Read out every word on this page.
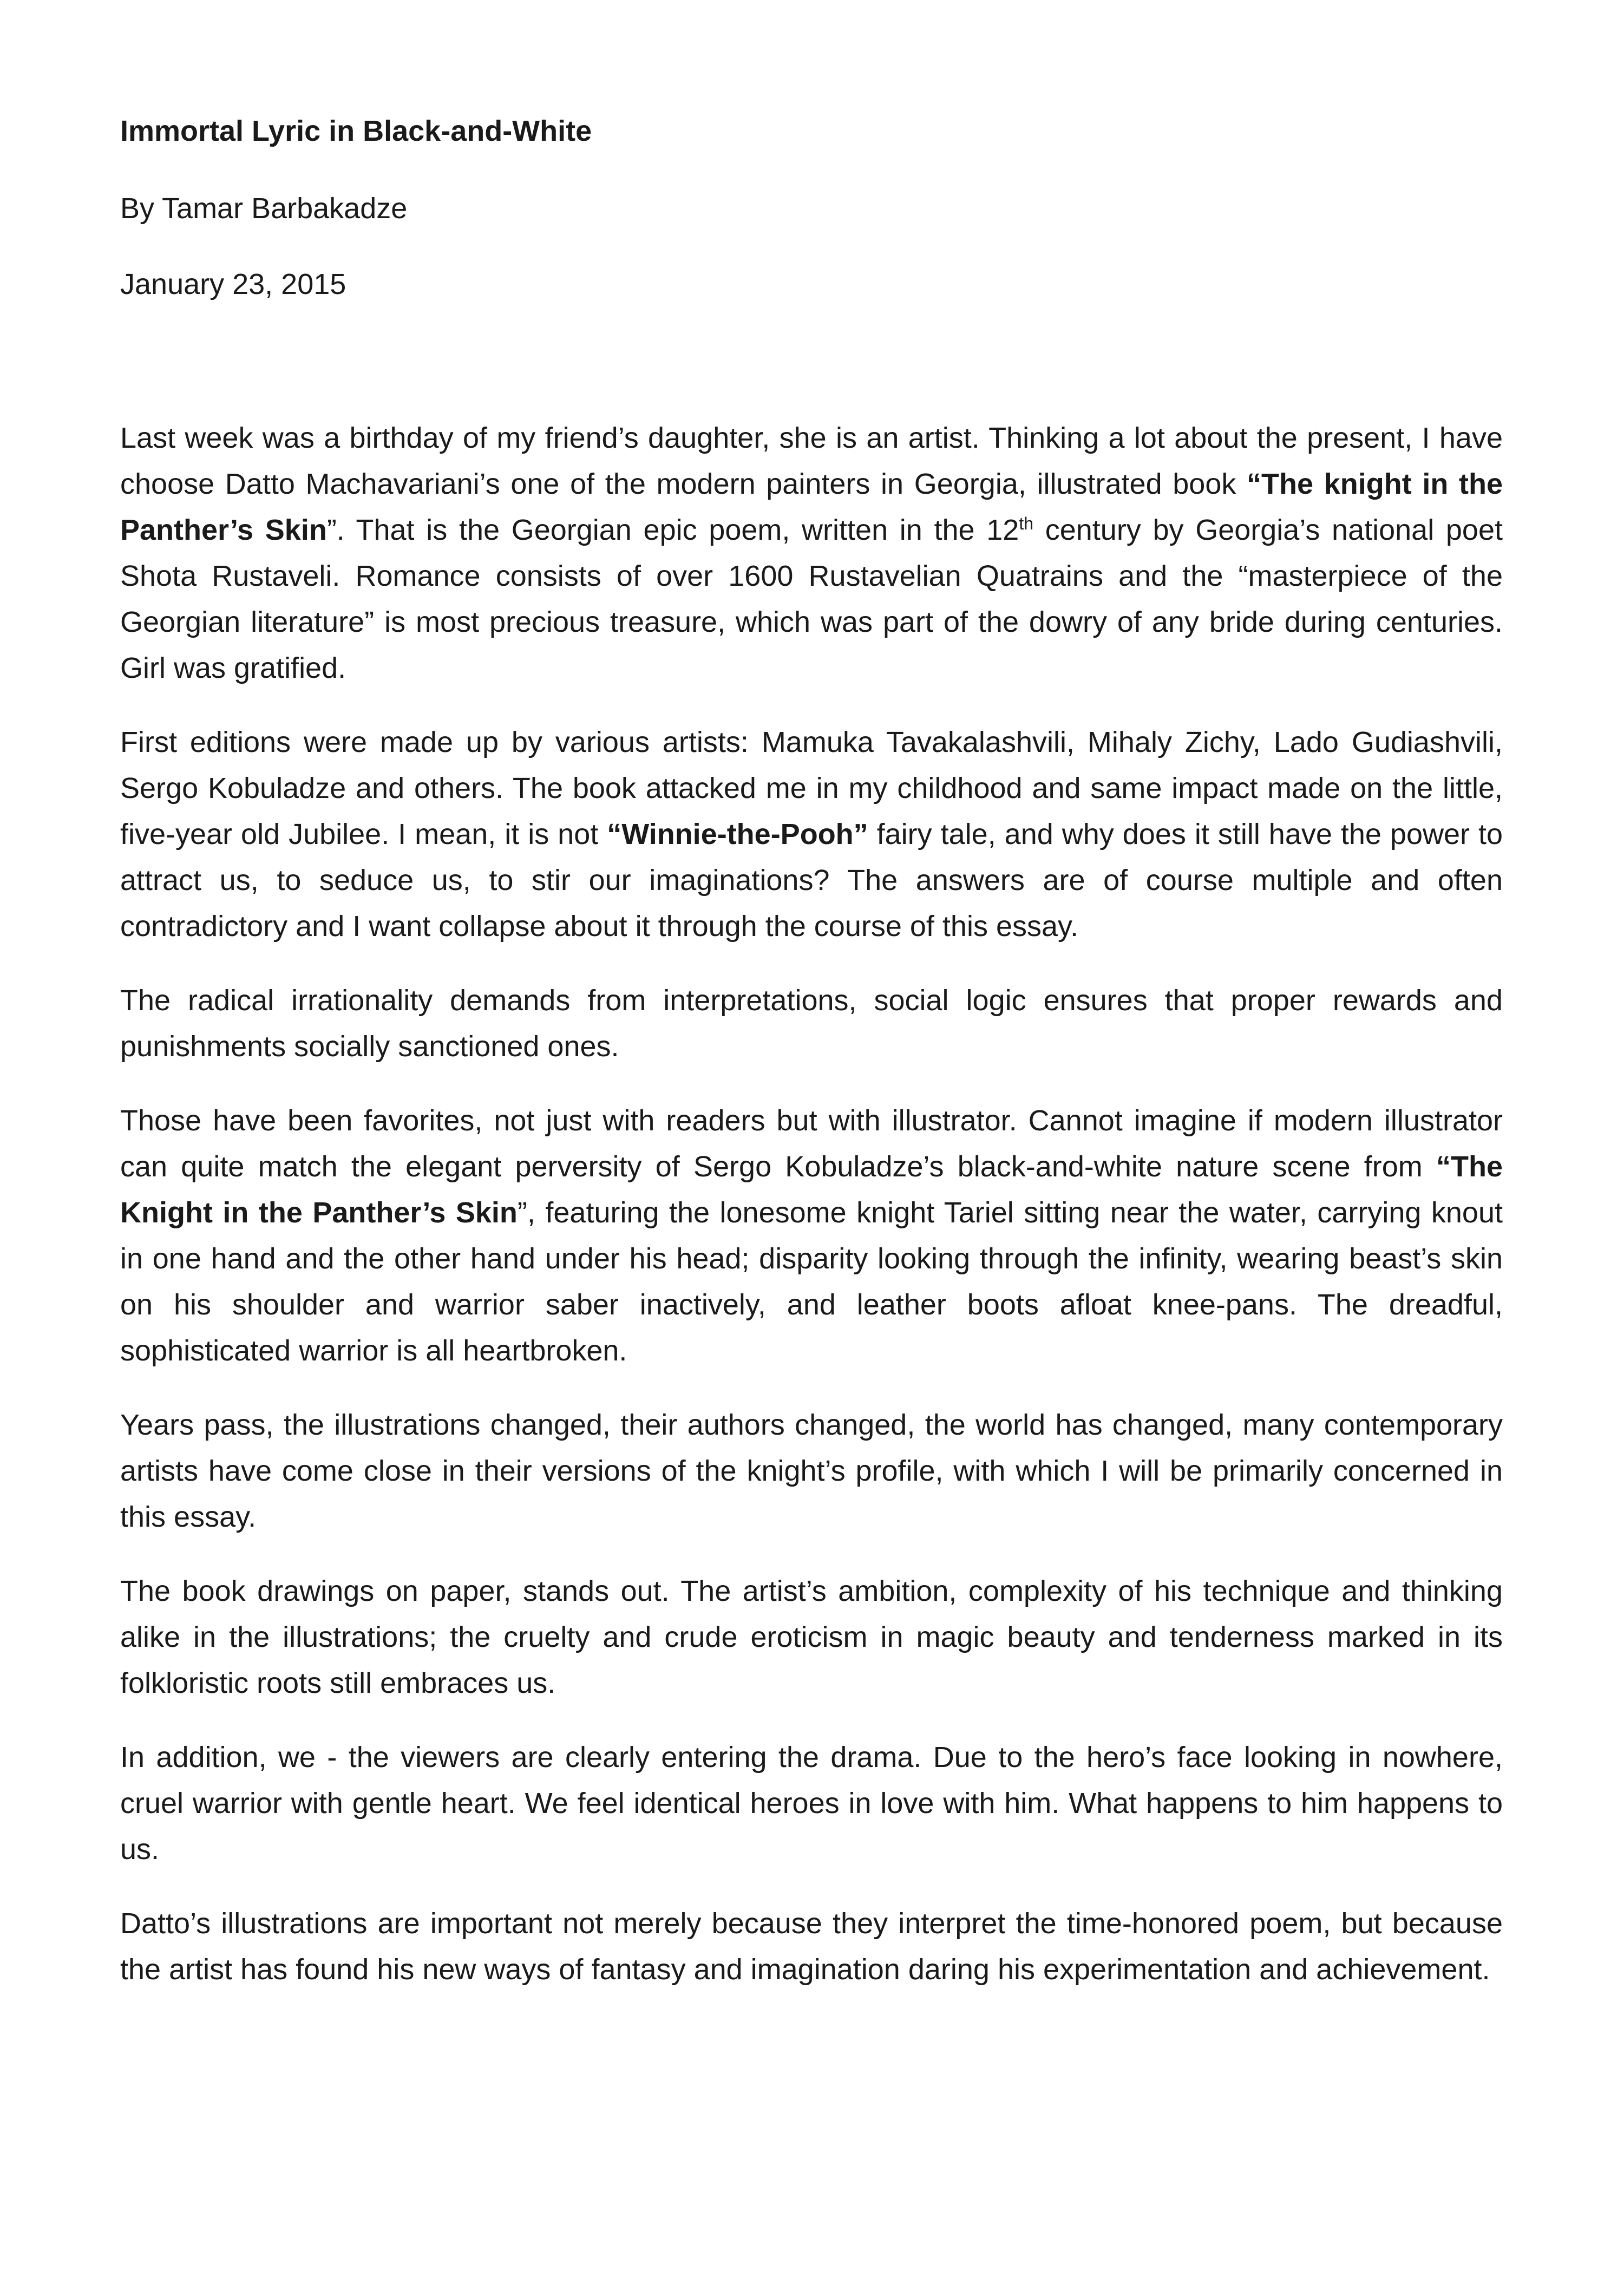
Immortal Lyric in Black-and-White
By Tamar Barbakadze
January 23, 2015

Last week was a birthday of my friend’s daughter, she is an artist. Thinking a lot about the present, I have choose Datto Machavariani’s one of the modern painters in Georgia, illustrated book “The knight in the Panther’s Skin”. That is the Georgian epic poem, written in the 12th century by Georgia’s national poet Shota Rustaveli. Romance consists of over 1600 Rustavelian Quatrains and the “masterpiece of the Georgian literature” is most precious treasure, which was part of the dowry of any bride during centuries. Girl was gratified.

First editions were made up by various artists: Mamuka Tavakalashvili, Mihaly Zichy, Lado Gudiashvili, Sergo Kobuladze and others. The book attacked me in my childhood and same impact made on the little, five-year old Jubilee. I mean, it is not “Winnie-the-Pooh” fairy tale, and why does it still have the power to attract us, to seduce us, to stir our imaginations? The answers are of course multiple and often contradictory and I want collapse about it through the course of this essay.

The radical irrationality demands from interpretations, social logic ensures that proper rewards and punishments socially sanctioned ones.

Those have been favorites, not just with readers but with illustrator. Cannot imagine if modern illustrator can quite match the elegant perversity of Sergo Kobuladze’s black-and-white nature scene from “The Knight in the Panther’s Skin”, featuring the lonesome knight Tariel sitting near the water, carrying knout in one hand and the other hand under his head; disparity looking through the infinity, wearing beast’s skin on his shoulder and warrior saber inactively, and leather boots afloat knee-pans. The dreadful, sophisticated warrior is all heartbroken.

Years pass, the illustrations changed, their authors changed, the world has changed, many contemporary artists have come close in their versions of the knight’s profile, with which I will be primarily concerned in this essay.

The book drawings on paper, stands out. The artist’s ambition, complexity of his technique and thinking alike in the illustrations; the cruelty and crude eroticism in magic beauty and tenderness marked in its folkloristic roots still embraces us.

In addition, we - the viewers are clearly entering the drama. Due to the hero’s face looking in nowhere, cruel warrior with gentle heart. We feel identical heroes in love with him. What happens to him happens to us.

Datto’s illustrations are important not merely because they interpret the time-honored poem, but because the artist has found his new ways of fantasy and imagination daring his experimentation and achievement.
